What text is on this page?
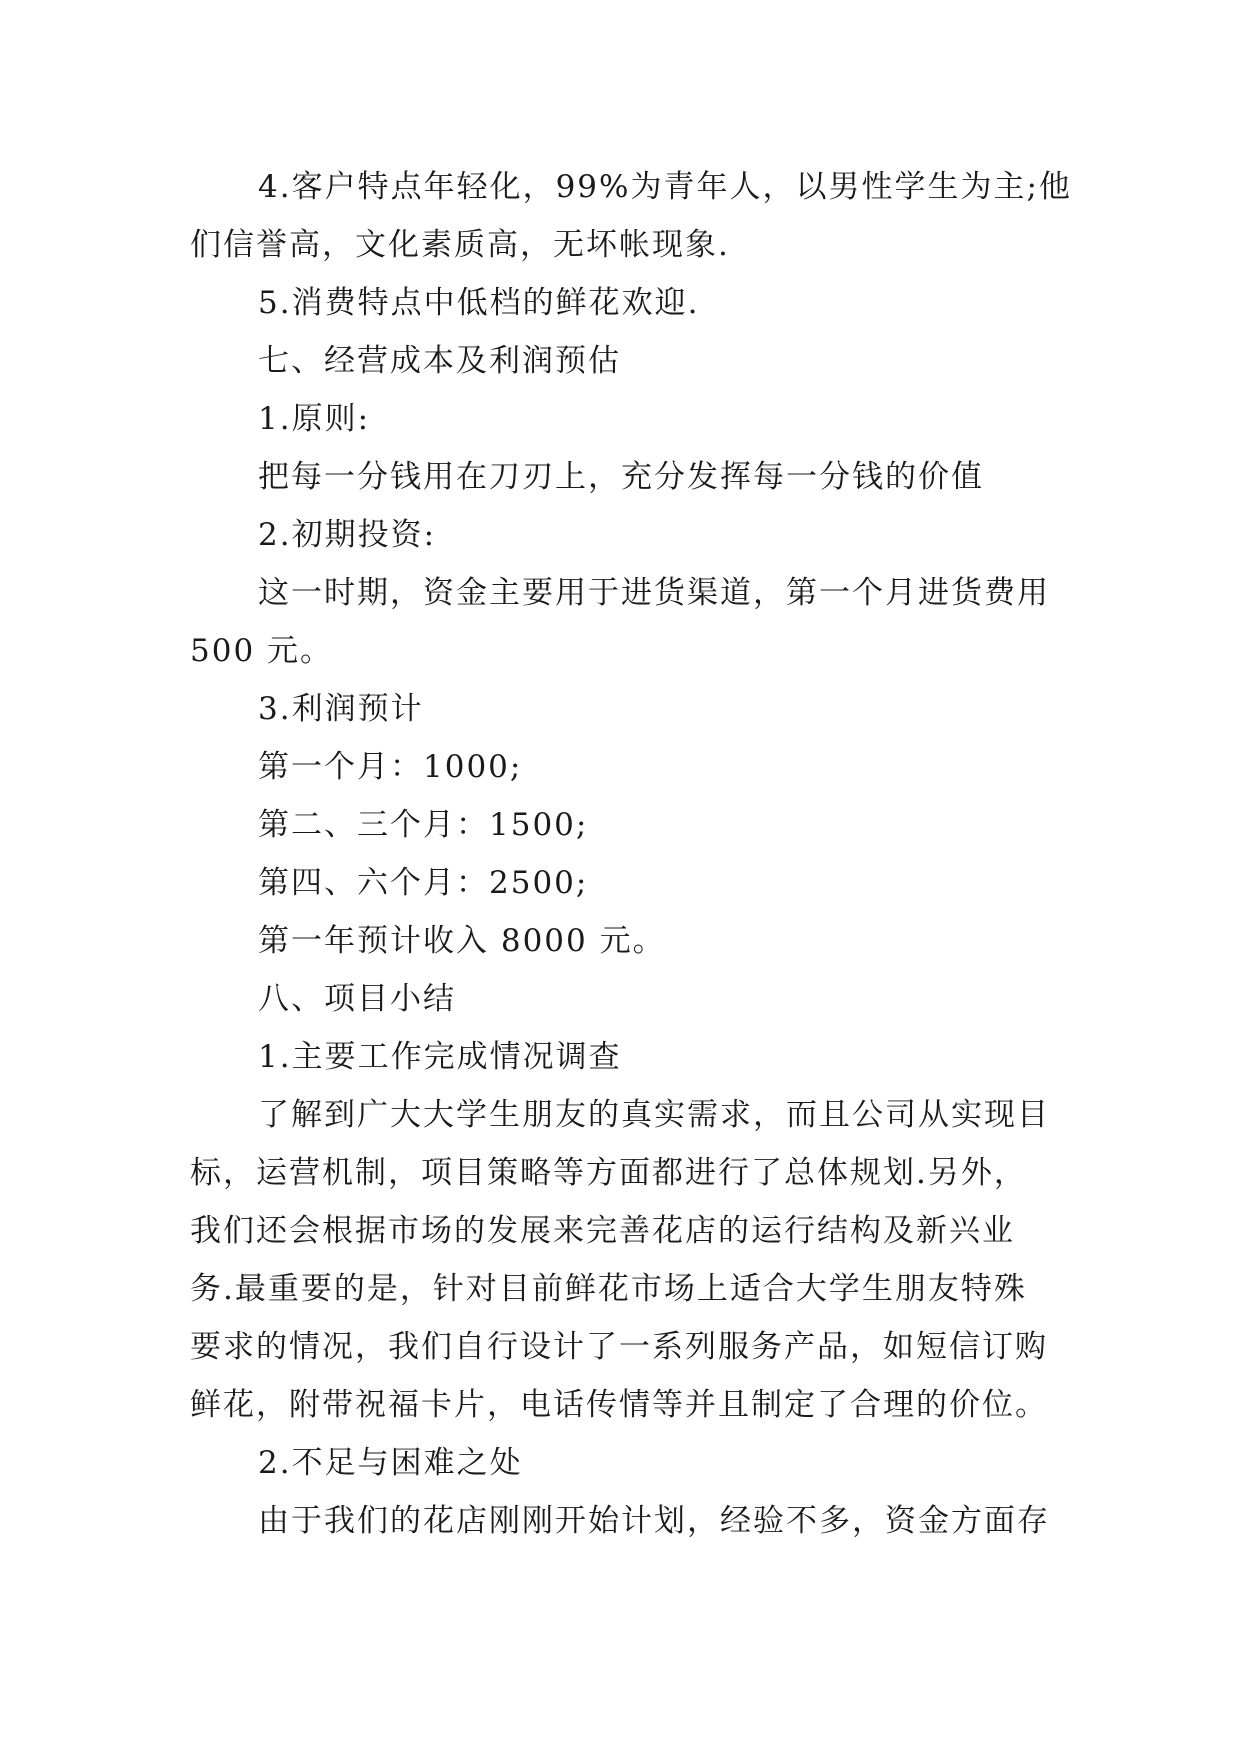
4.客户特点年轻化，99%为青年人，以男性学生为主;他
们信誉高，文化素质高，无坏帐现象.
5.消费特点中低档的鲜花欢迎.
七、经营成本及利润预估
1.原则:
把每一分钱用在刀刃上，充分发挥每一分钱的价值
2.初期投资:
这一时期，资金主要用于进货渠道，第一个月进货费用
500 元。
3.利润预计
第一个月：1000;
第二、三个月：1500;
第四、六个月：2500;
第一年预计收入 8000 元。
八、项目小结
1.主要工作完成情况调查
了解到广大大学生朋友的真实需求，而且公司从实现目
标，运营机制，项目策略等方面都进行了总体规划.另外，
我们还会根据市场的发展来完善花店的运行结构及新兴业
务.最重要的是，针对目前鲜花市场上适合大学生朋友特殊
要求的情况，我们自行设计了一系列服务产品，如短信订购
鲜花，附带祝福卡片，电话传情等并且制定了合理的价位。
2.不足与困难之处
由于我们的花店刚刚开始计划，经验不多，资金方面存
